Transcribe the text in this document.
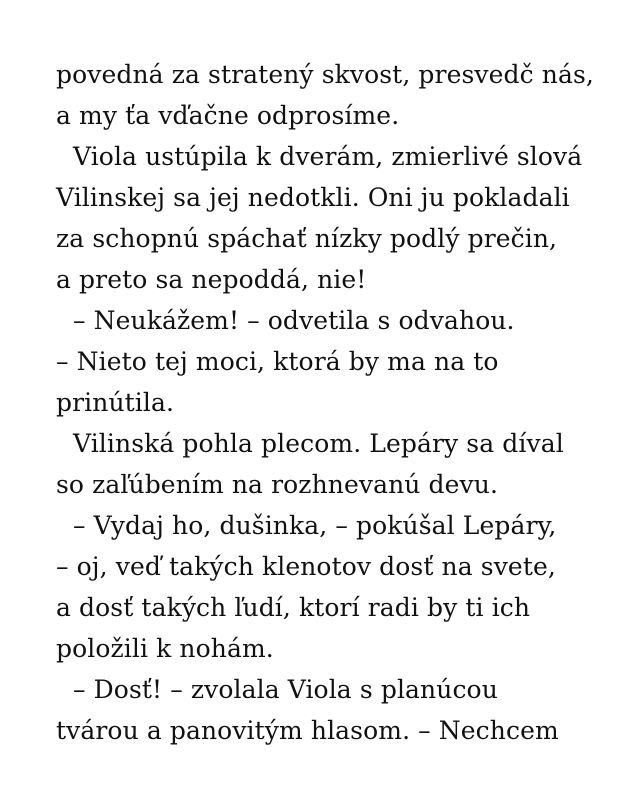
povedná za stratený skvost, presvedč nás,
a my ťa vďačne odprosíme.
Viola ustúpila k dverám, zmierlivé slová
Vilinskej sa jej nedotkli. Oni ju pokladali
za schopnú spáchať nízky podlý prečin,
a preto sa nepoddá, nie!
– Neukážem! – odvetila s odvahou.
– Nieto tej moci, ktorá by ma na to
prinútila.
Vilinská pohla plecom. Lepáry sa díval
so zaľúbením na rozhnevanú devu.
– Vydaj ho, dušinka, – pokúšal Lepáry,
– oj, veď takých klenotov dosť na svete,
a dosť takých ľudí, ktorí radi by ti ich
položili k nohám.
– Dosť! – zvolala Viola s planúcou
tvárou a panovitým hlasom. – Nechcem
